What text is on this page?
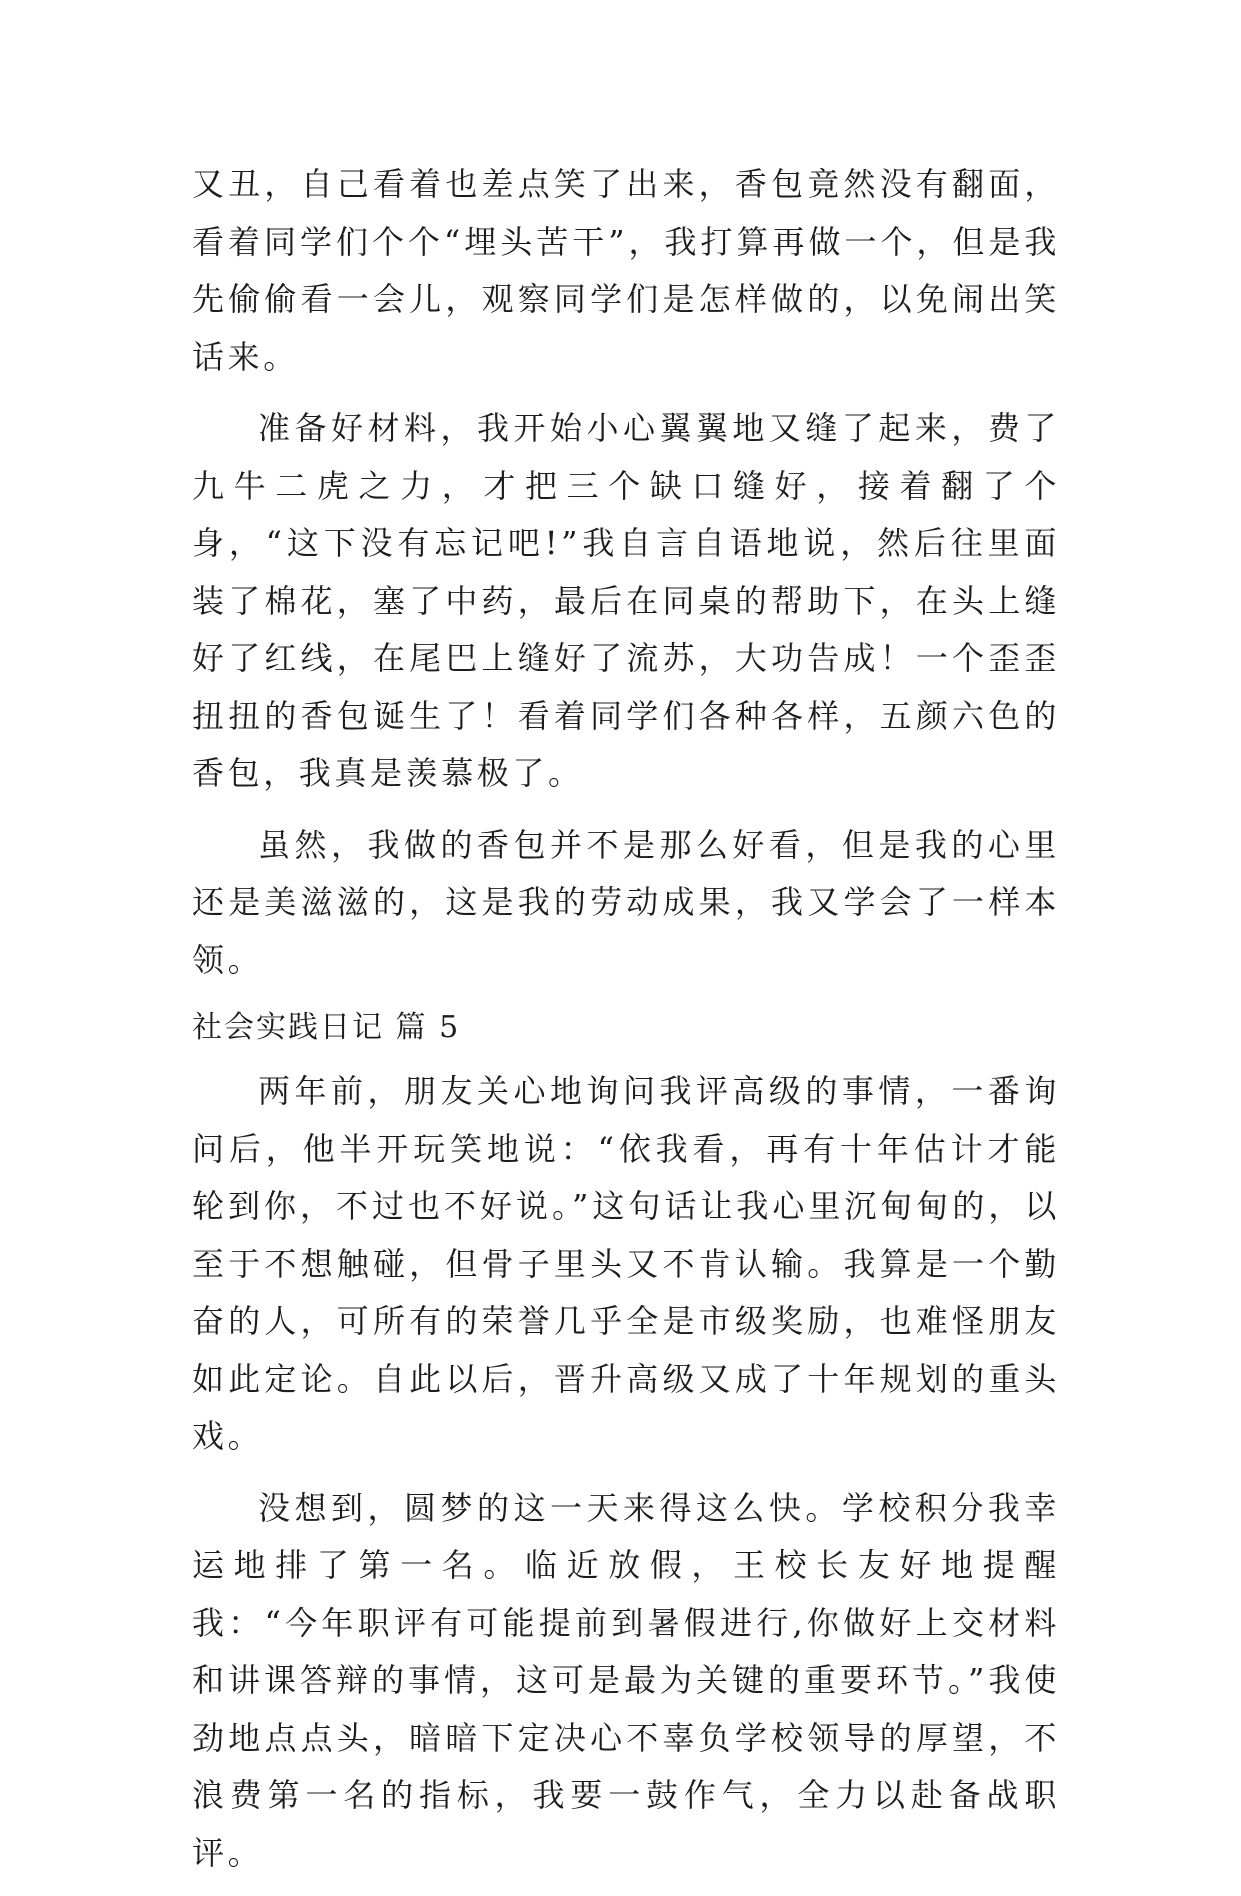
又丑，自己看着也差点笑了出来，香包竟然没有翻面，看着同学们个个“埋头苦干”，我打算再做一个，但是我先偷偷看一会儿，观察同学们是怎样做的，以免闹出笑话来。

准备好材料，我开始小心翼翼地又缝了起来，费了九牛二虎之力，才把三个缺口缝好，接着翻了个身，“这下没有忘记吧!”我自言自语地说，然后往里面装了棉花，塞了中药，最后在同桌的帮助下，在头上缝好了红线，在尾巴上缝好了流苏，大功告成！一个歪歪扭扭的香包诞生了！看着同学们各种各样，五颜六色的香包，我真是羡慕极了。

虽然，我做的香包并不是那么好看，但是我的心里还是美滋滋的，这是我的劳动成果，我又学会了一样本领。

社会实践日记 篇 5

两年前，朋友关心地询问我评高级的事情，一番询问后，他半开玩笑地说：“依我看，再有十年估计才能轮到你，不过也不好说。”这句话让我心里沉甸甸的，以至于不想触碰，但骨子里头又不肯认输。我算是一个勤奋的人，可所有的荣誉几乎全是市级奖励，也难怪朋友如此定论。自此以后，晋升高级又成了十年规划的重头戏。

没想到，圆梦的这一天来得这么快。学校积分我幸运地排了第一名。临近放假，王校长友好地提醒我：“今年职评有可能提前到暑假进行,你做好上交材料和讲课答辩的事情，这可是最为关键的重要环节。”我使劲地点点头，暗暗下定决心不辜负学校领导的厚望，不浪费第一名的指标，我要一鼓作气，全力以赴备战职评。
